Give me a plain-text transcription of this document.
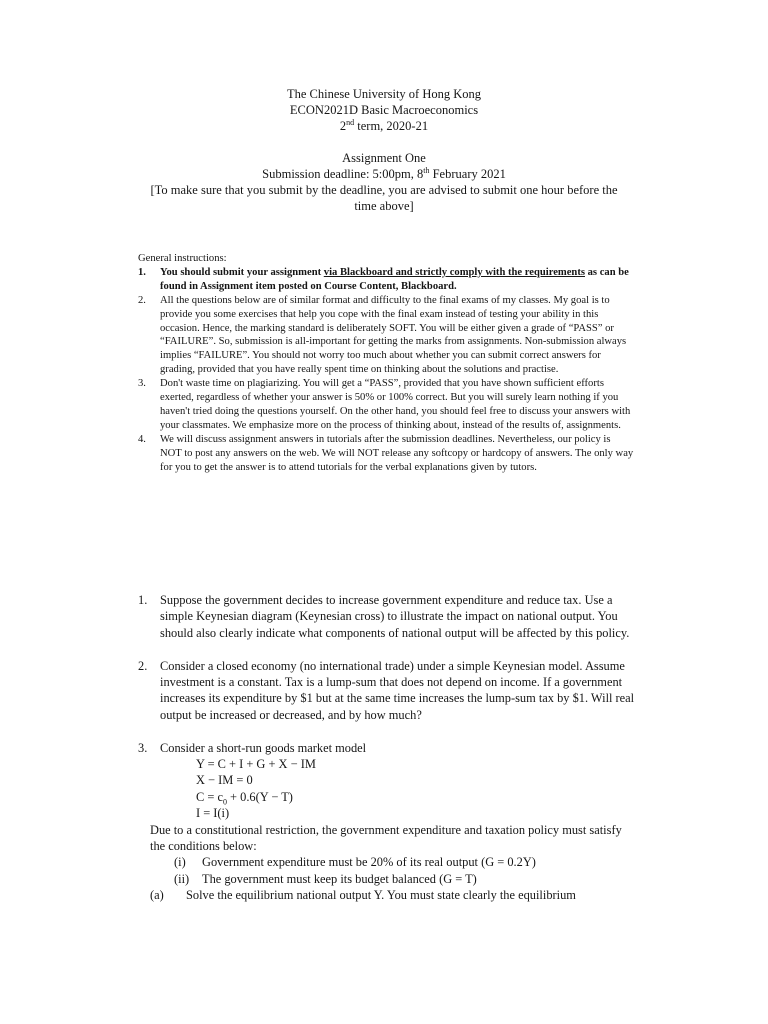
The Chinese University of Hong Kong
ECON2021D Basic Macroeconomics
2nd term, 2020-21
Assignment One
Submission deadline: 5:00pm, 8th February 2021
[To make sure that you submit by the deadline, you are advised to submit one hour before the time above]

General instructions:

1. You should submit your assignment via Blackboard and strictly comply with the requirements as can be found in Assignment item posted on Course Content, Blackboard.
2. All the questions below are of similar format and difficulty to the final exams of my classes. My goal is to provide you some exercises that help you cope with the final exam instead of testing your ability in this occasion. Hence, the marking standard is deliberately SOFT. You will be either given a grade of “PASS” or “FAILURE”. So, submission is all-important for getting the marks from assignments. Non-submission always implies “FAILURE”. You should not worry too much about whether you can submit correct answers for grading, provided that you have really spent time on thinking about the solutions and practise.
3. Don't waste time on plagiarizing. You will get a “PASS”, provided that you have shown sufficient efforts exerted, regardless of whether your answer is 50% or 100% correct. But you will surely learn nothing if you haven't tried doing the questions yourself. On the other hand, you should feel free to discuss your answers with your classmates. We emphasize more on the process of thinking about, instead of the results of, assignments.
4. We will discuss assignment answers in tutorials after the submission deadlines. Nevertheless, our policy is NOT to post any answers on the web. We will NOT release any softcopy or hardcopy of answers. The only way for you to get the answer is to attend tutorials for the verbal explanations given by tutors.
1. Suppose the government decides to increase government expenditure and reduce tax. Use a simple Keynesian diagram (Keynesian cross) to illustrate the impact on national output. You should also clearly indicate what components of national output will be affected by this policy.
2. Consider a closed economy (no international trade) under a simple Keynesian model. Assume investment is a constant. Tax is a lump-sum that does not depend on income. If a government increases its expenditure by $1 but at the same time increases the lump-sum tax by $1. Will real output be increased or decreased, and by how much?
3. Consider a short-run goods market model
Y = C + I + G + X − IM
X − IM = 0
$C = c_0 + 0.6(Y - T)$
I = I(i)
Due to a constitutional restriction, the government expenditure and taxation policy must satisfy the conditions below:
(i) Government expenditure must be 20% of its real output (G = 0.2Y)
(ii) The government must keep its budget balanced (G = T)
(a) Solve the equilibrium national output Y. You must state clearly the equilibrium
